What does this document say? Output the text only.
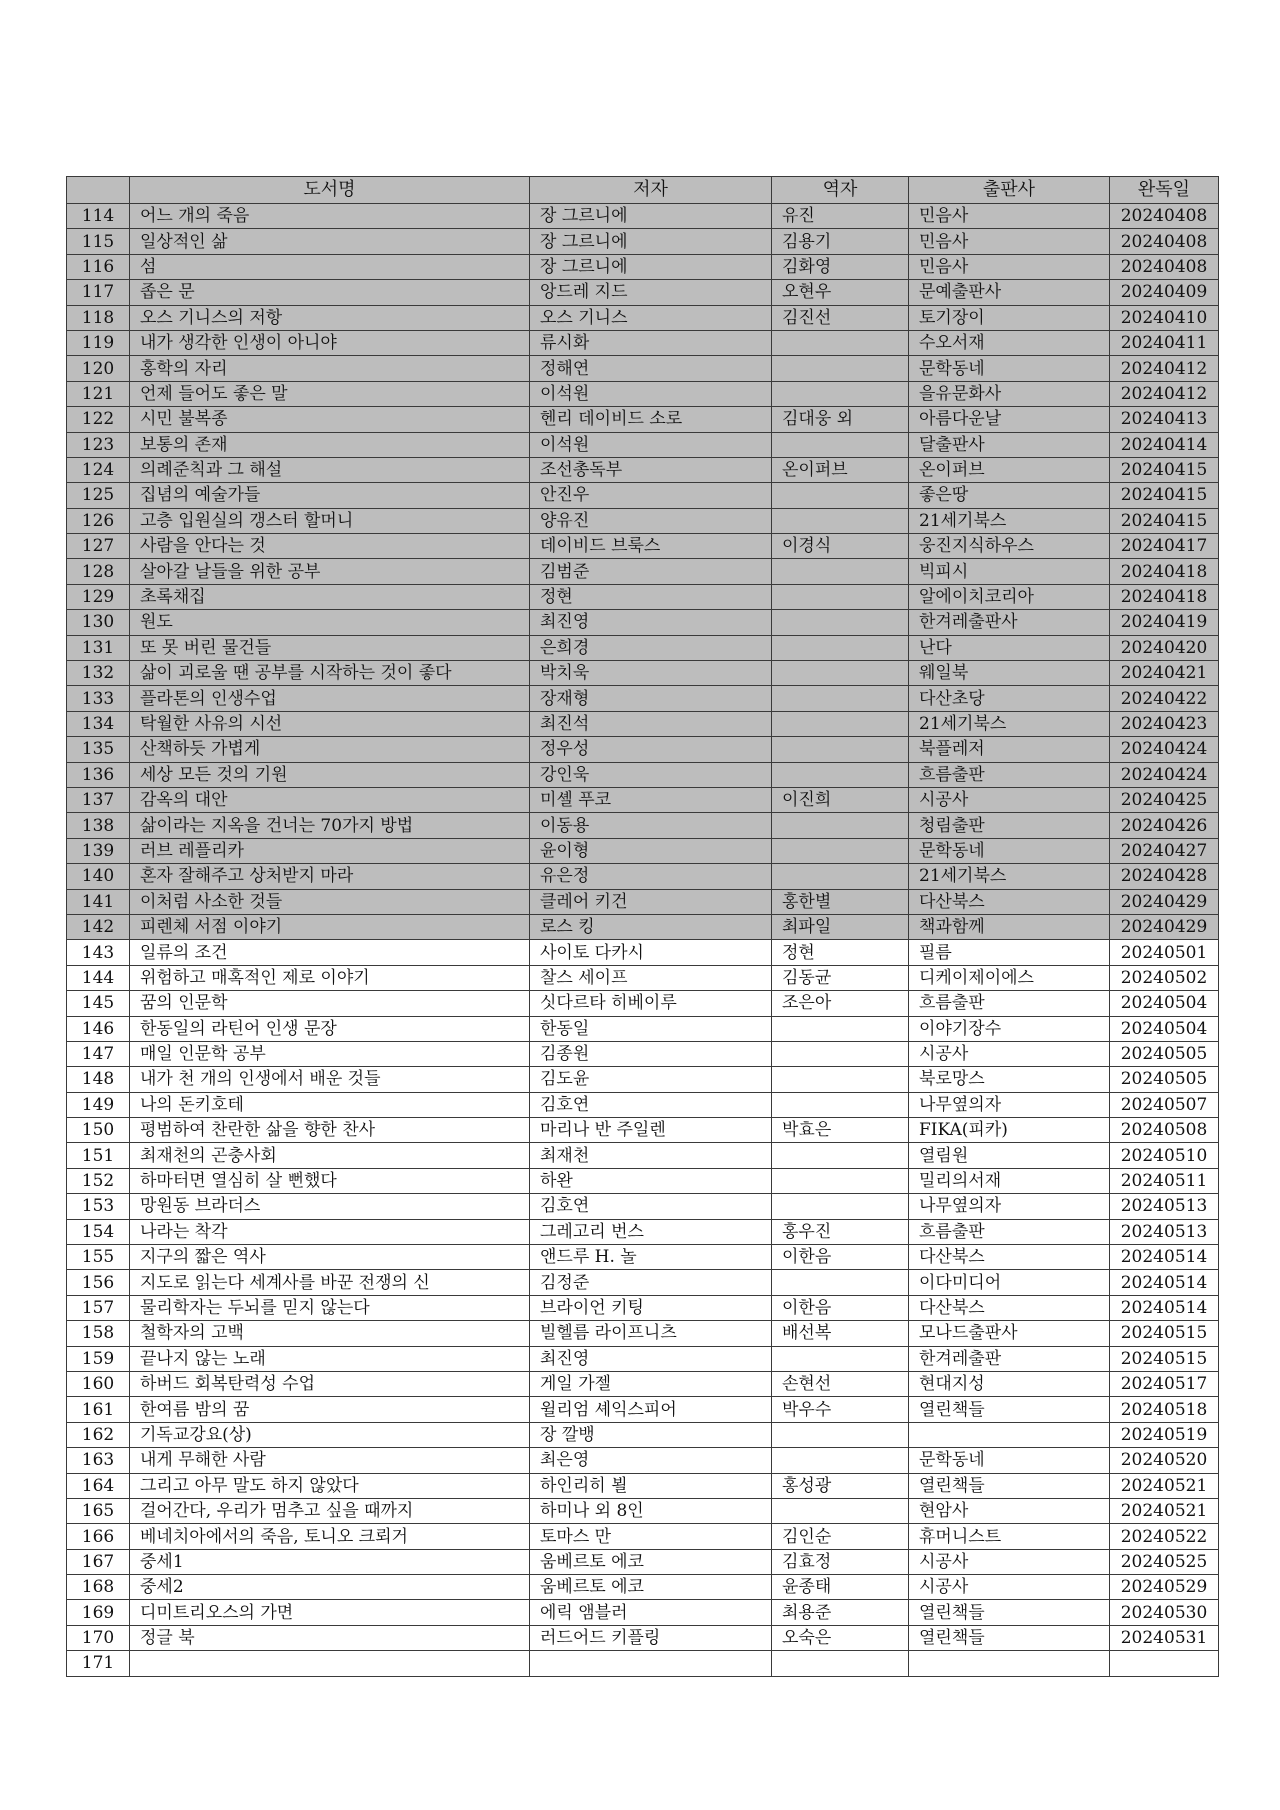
	도서명	저자	역자	출판사	완독일
114	어느 개의 죽음	장 그르니에	유진	민음사	20240408
115	일상적인 삶	장 그르니에	김용기	민음사	20240408
116	섬	장 그르니에	김화영	민음사	20240408
117	좁은 문	앙드레 지드	오현우	문예출판사	20240409
118	오스 기니스의 저항	오스 기니스	김진선	토기장이	20240410
119	내가 생각한 인생이 아니야	류시화		수오서재	20240411
120	홍학의 자리	정해연		문학동네	20240412
121	언제 들어도 좋은 말	이석원		을유문화사	20240412
122	시민 불복종	헨리 데이비드 소로	김대웅 외	아름다운날	20240413
123	보통의 존재	이석원		달출판사	20240414
124	의례준칙과 그 해설	조선총독부	온이퍼브	온이퍼브	20240415
125	집념의 예술가들	안진우		좋은땅	20240415
126	고층 입원실의 갱스터 할머니	양유진		21세기북스	20240415
127	사람을 안다는 것	데이비드 브룩스	이경식	웅진지식하우스	20240417
128	살아갈 날들을 위한 공부	김범준		빅피시	20240418
129	초록채집	정현		알에이치코리아	20240418
130	원도	최진영		한겨레출판사	20240419
131	또 못 버린 물건들	은희경		난다	20240420
132	삶이 괴로울 땐 공부를 시작하는 것이 좋다	박치욱		웨일북	20240421
133	플라톤의 인생수업	장재형		다산초당	20240422
134	탁월한 사유의 시선	최진석		21세기북스	20240423
135	산책하듯 가볍게	정우성		북플레저	20240424
136	세상 모든 것의 기원	강인욱		흐름출판	20240424
137	감옥의 대안	미셸 푸코	이진희	시공사	20240425
138	삶이라는 지옥을 건너는 70가지 방법	이동용		청림출판	20240426
139	러브 레플리카	윤이형		문학동네	20240427
140	혼자 잘해주고 상처받지 마라	유은정		21세기북스	20240428
141	이처럼 사소한 것들	클레어 키건	홍한별	다산북스	20240429
142	피렌체 서점 이야기	로스 킹	최파일	책과함께	20240429
143	일류의 조건	사이토 다카시	정현	필름	20240501
144	위험하고 매혹적인 제로 이야기	찰스 세이프	김동균	디케이제이에스	20240502
145	꿈의 인문학	싯다르타 히베이루	조은아	흐름출판	20240504
146	한동일의 라틴어 인생 문장	한동일		이야기장수	20240504
147	매일 인문학 공부	김종원		시공사	20240505
148	내가 천 개의 인생에서 배운 것들	김도윤		북로망스	20240505
149	나의 돈키호테	김호연		나무옆의자	20240507
150	평범하여 찬란한 삶을 향한 찬사	마리나 반 주일렌	박효은	FIKA(피카)	20240508
151	최재천의 곤충사회	최재천		열림원	20240510
152	하마터면 열심히 살 뻔했다	하완		밀리의서재	20240511
153	망원동 브라더스	김호연		나무옆의자	20240513
154	나라는 착각	그레고리 번스	홍우진	흐름출판	20240513
155	지구의 짧은 역사	앤드루 H. 놀	이한음	다산북스	20240514
156	지도로 읽는다 세계사를 바꾼 전쟁의 신	김정준		이다미디어	20240514
157	물리학자는 두뇌를 믿지 않는다	브라이언 키팅	이한음	다산북스	20240514
158	철학자의 고백	빌헬름 라이프니츠	배선복	모나드출판사	20240515
159	끝나지 않는 노래	최진영		한겨레출판	20240515
160	하버드 회복탄력성 수업	게일 가젤	손현선	현대지성	20240517
161	한여름 밤의 꿈	윌리엄 셰익스피어	박우수	열린책들	20240518
162	기독교강요(상)	장 깔뱅			20240519
163	내게 무해한 사람	최은영		문학동네	20240520
164	그리고 아무 말도 하지 않았다	하인리히 뵐	홍성광	열린책들	20240521
165	걸어간다, 우리가 멈추고 싶을 때까지	하미나 외 8인		현암사	20240521
166	베네치아에서의 죽음, 토니오 크뢰거	토마스 만	김인순	휴머니스트	20240522
167	중세1	움베르토 에코	김효정	시공사	20240525
168	중세2	움베르토 에코	윤종태	시공사	20240529
169	디미트리오스의 가면	에릭 앰블러	최용준	열린책들	20240530
170	정글 북	러드어드 키플링	오숙은	열린책들	20240531
171					
